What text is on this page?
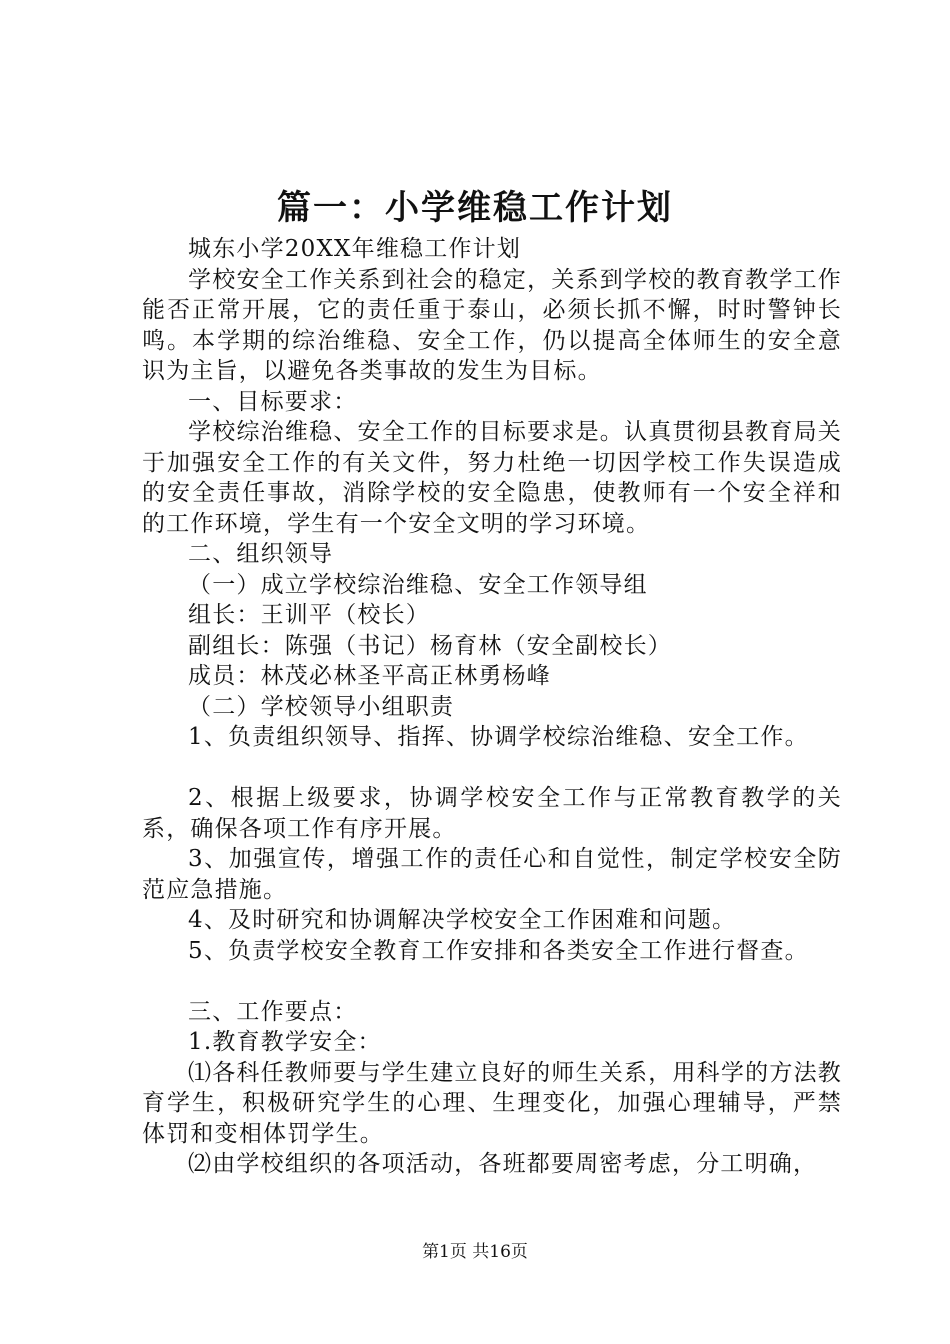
篇一：小学维稳工作计划

城东小学20XX年维稳工作计划

学校安全工作关系到社会的稳定，关系到学校的教育教学工作能否正常开展，它的责任重于泰山，必须长抓不懈，时时警钟长鸣。本学期的综治维稳、安全工作，仍以提高全体师生的安全意识为主旨，以避免各类事故的发生为目标。

一、目标要求：

学校综治维稳、安全工作的目标要求是。认真贯彻县教育局关于加强安全工作的有关文件，努力杜绝一切因学校工作失误造成的安全责任事故，消除学校的安全隐患，使教师有一个安全祥和的工作环境，学生有一个安全文明的学习环境。

二、组织领导

（一）成立学校综治维稳、安全工作领导组

组长：王训平（校长）

副组长：陈强（书记）杨育林（安全副校长）

成员：林茂必林圣平高正林勇杨峰

（二）学校领导小组职责

1、负责组织领导、指挥、协调学校综治维稳、安全工作。

2、根据上级要求，协调学校安全工作与正常教育教学的关系，确保各项工作有序开展。

3、加强宣传，增强工作的责任心和自觉性，制定学校安全防范应急措施。

4、及时研究和协调解决学校安全工作困难和问题。

5、负责学校安全教育工作安排和各类安全工作进行督查。

三、工作要点：

1.教育教学安全：

⑴各科任教师要与学生建立良好的师生关系，用科学的方法教育学生，积极研究学生的心理、生理变化，加强心理辅导，严禁体罚和变相体罚学生。

⑵由学校组织的各项活动，各班都要周密考虑，分工明确，

第1页 共16页
